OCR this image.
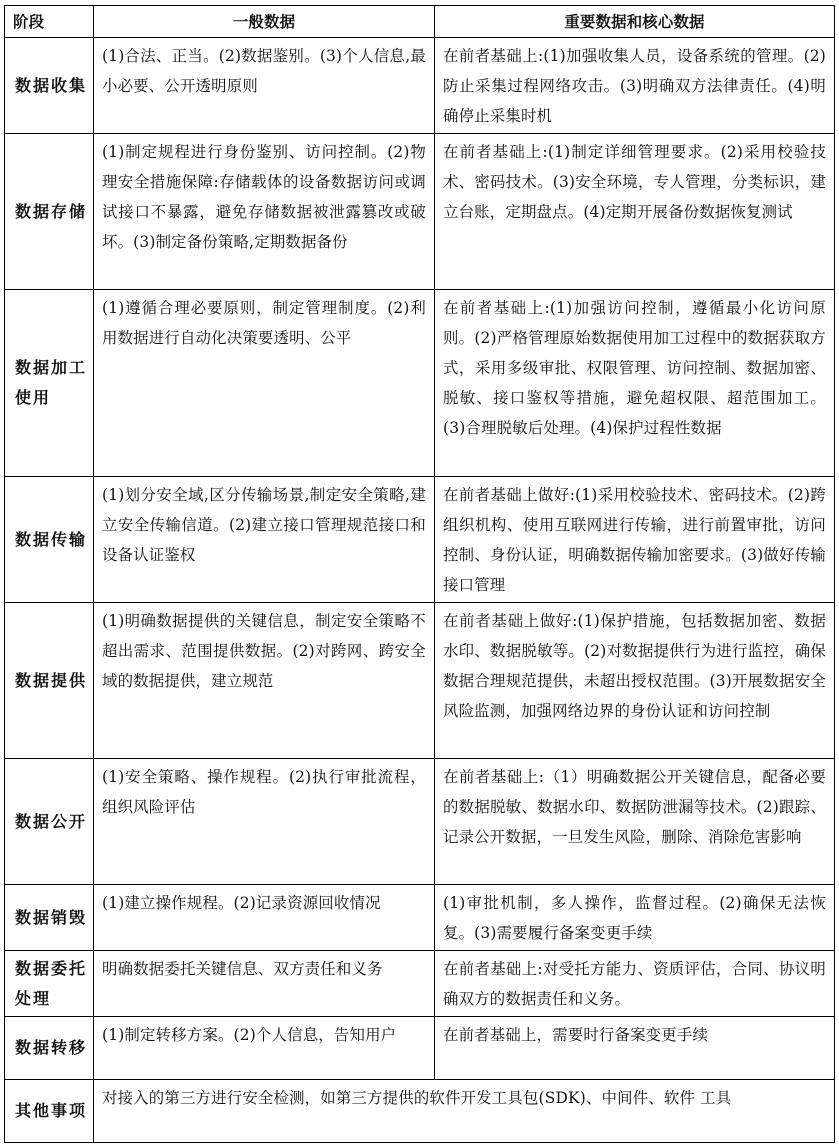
阶段	一般数据	重要数据和核心数据
数据收集	(1)合法、正当。(2)数据鉴别。(3)个人信息,最小必要、公开透明原则	在前者基础上:(1)加强收集人员，设备系统的管理。(2)防止采集过程网络攻击。(3)明确双方法律责任。(4)明确停止采集时机
数据存储	(1)制定规程进行身份鉴别、访问控制。(2)物理安全措施保障:存储载体的设备数据访问或调试接口不暴露，避免存储数据被泄露篡改或破坏。(3)制定备份策略,定期数据备份	在前者基础上:(1)制定详细管理要求。(2)采用校验技术、密码技术。(3)安全环境，专人管理，分类标识，建立台账，定期盘点。(4)定期开展备份数据恢复测试
数据加工使用	(1)遵循合理必要原则，制定管理制度。(2)利用数据进行自动化决策要透明、公平	在前者基础上:(1)加强访问控制，遵循最小化访问原则。(2)严格管理原始数据使用加工过程中的数据获取方式，采用多级审批、权限管理、访问控制、数据加密、脱敏、接口鉴权等措施，避免超权限、超范围加工。 (3)合理脱敏后处理。(4)保护过程性数据
数据传输	(1)划分安全域,区分传输场景,制定安全策略,建立安全传输信道。(2)建立接口管理规范接口和设备认证鉴权	在前者基础上做好:(1)采用校验技术、密码技术。(2)跨组织机构、使用互联网进行传输，进行前置审批，访问控制、身份认证，明确数据传输加密要求。(3)做好传输接口管理
数据提供	(1)明确数据提供的关键信息，制定安全策略不超出需求、范围提供数据。(2)对跨网、跨安全域的数据提供，建立规范	在前者基础上做好:(1)保护措施，包括数据加密、数据水印、数据脱敏等。(2)对数据提供行为进行监控，确保数据合理规范提供，未超出授权范围。(3)开展数据安全风险监测，加强网络边界的身份认证和访问控制
数据公开	(1)安全策略、操作规程。(2)执行审批流程，组织风险评估	在前者基础上:（1）明确数据公开关键信息，配备必要的数据脱敏、数据水印、数据防泄漏等技术。(2)跟踪、记录公开数据，一旦发生风险，删除、消除危害影响
数据销毁	(1)建立操作规程。(2)记录资源回收情况	(1)审批机制，多人操作，监督过程。(2)确保无法恢复。(3)需要履行备案变更手续
数据委托处理	明确数据委托关键信息、双方责任和义务	在前者基础上:对受托方能力、资质评估，合同、协议明确双方的数据责任和义务。
数据转移	(1)制定转移方案。(2)个人信息，告知用户	在前者基础上，需要时行备案变更手续
其他事项	对接入的第三方进行安全检测，如第三方提供的软件开发工具包(SDK)、中间件、软件 工具	
